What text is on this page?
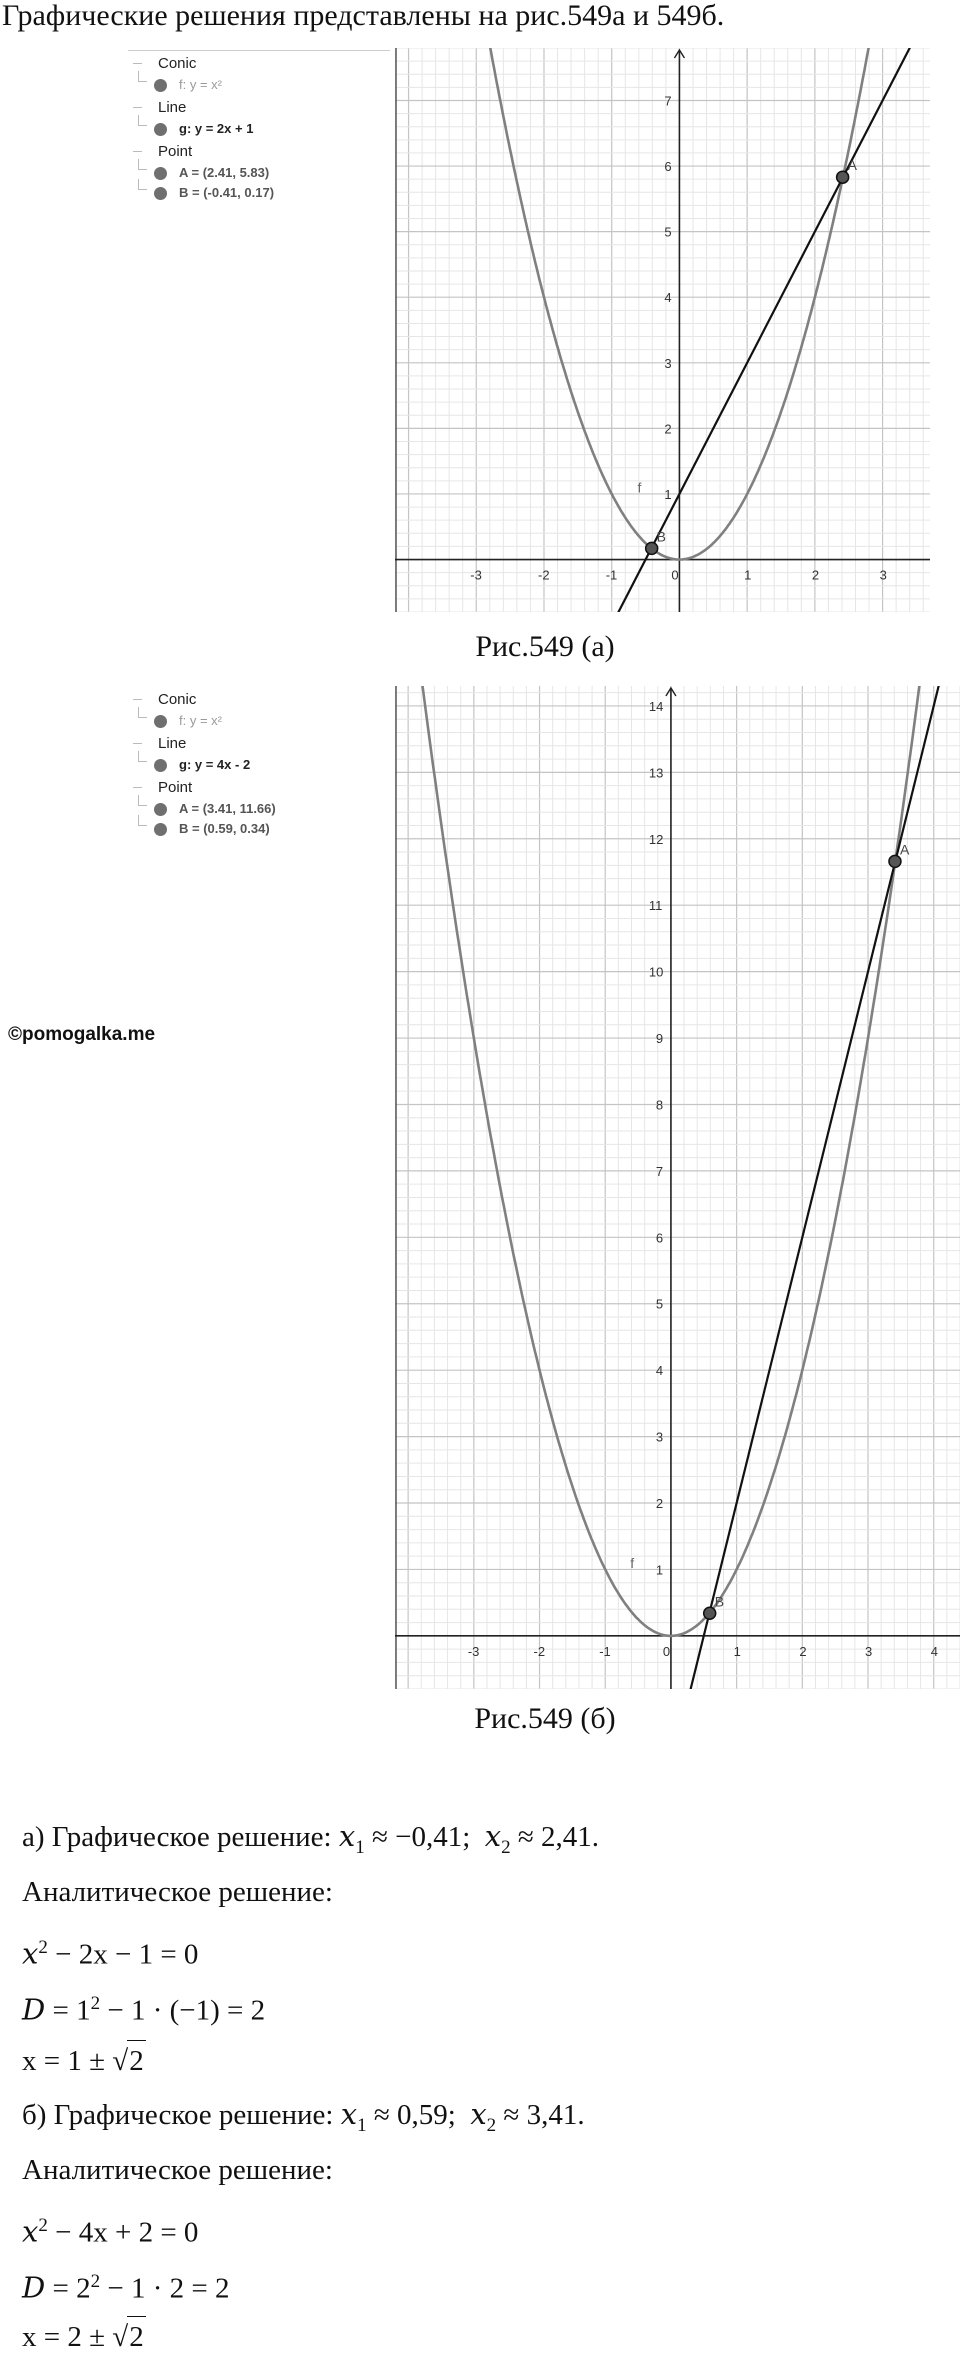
Графические решения представлены на рис.549а и 549б.
Conic
f: y = x²
Line
g: y = 2x + 1
Point
A = (2.41, 5.83)
B = (-0.41, 0.17)
-3	-2	-1	0	1	2	3
1
2
3
4
5
6
7
f
A
B
Рис.549 (а)
Conic
f: y = x²
Line
g: y = 4x - 2
Point
A = (3.41, 11.66)
B = (0.59, 0.34)
-3	-2	-1	0	1	2	3	4
1
2
3
4
5
6
7
8
9
10
11
12
13
14
f
A
B
Рис.549 (б)
©pomogalka.me
а) Графическое решение: $x_1 \approx -0,41$; $x_2 \approx 2,41$.
Аналитическое решение:
$x^2 - 2x - 1 = 0$
$D = 1^2 - 1 \cdot (-1) = 2$
x = 1 ± √2
б) Графическое решение: $x_1 \approx 0,59$; $x_2 \approx 3,41$.
Аналитическое решение:
$x^2 - 4x + 2 = 0$
$D = 2^2 - 1 \cdot 2 = 2$
x = 2 ± √2
